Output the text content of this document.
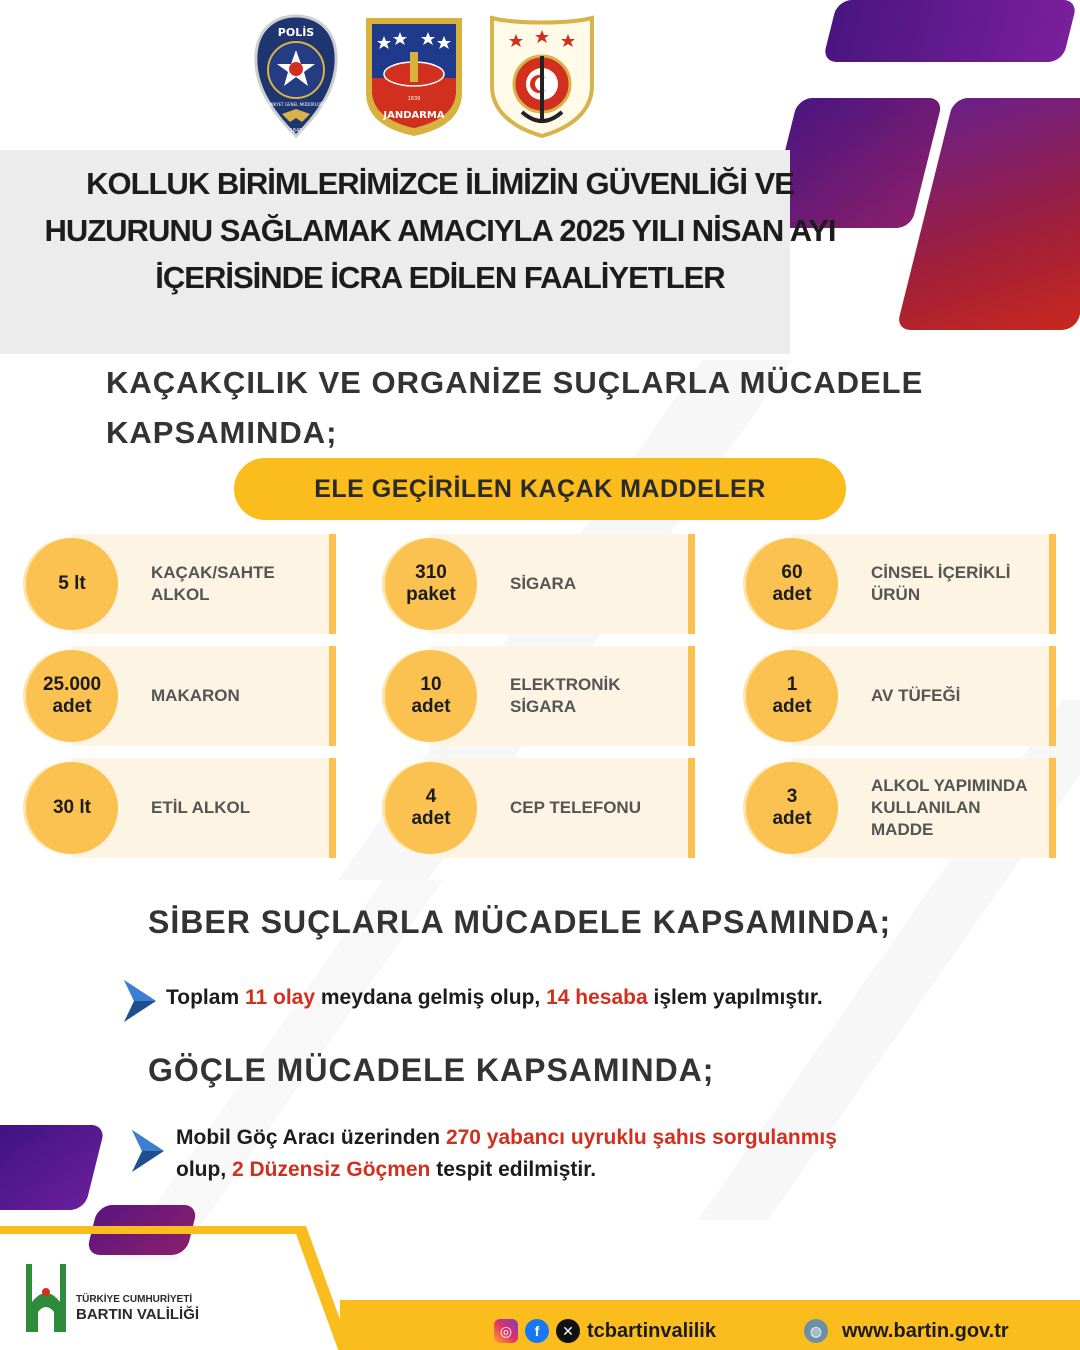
POLİS
EMNİYET GENEL MÜDÜRLÜĞÜ
1845
1839
JANDARMA
KOLLUK BİRİMLERİMİZCE İLİMİZİN GÜVENLİĞİ VE HUZURUNU SAĞLAMAK AMACIYLA 2025 YILI NİSAN AYI İÇERİSİNDE İCRA EDİLEN FAALİYETLER
KAÇAKÇILIK VE ORGANİZE SUÇLARLA MÜCADELE KAPSAMINDA;
ELE GEÇİRİLEN KAÇAK MADDELER
5 lt
KAÇAK/SAHTE
ALKOL
310
paket
SİGARA
60
adet
CİNSEL İÇERİKLİ
ÜRÜN
25.000
adet
MAKARON
10
adet
ELEKTRONİK
SİGARA
1
adet
AV TÜFEĞİ
30 lt	ETİL ALKOL
4
adet
CEP TELEFONU
3
adet
ALKOL YAPIMINDA
KULLANILAN
MADDE
SİBER SUÇLARLA MÜCADELE KAPSAMINDA;
Toplam 11 olay meydana gelmiş olup, 14 hesaba işlem yapılmıştır.
GÖÇLE MÜCADELE KAPSAMINDA;
Mobil Göç Aracı üzerinden 270 yabancı uyruklu şahıs sorgulanmış
olup, 2 Düzensiz Göçmen tespit edilmiştir.
TÜRKİYE CUMHURİYETİ
BARTIN VALİLİĞİ
◎	f	✕ tcbartinvalilik	◍ www.bartin.gov.tr
